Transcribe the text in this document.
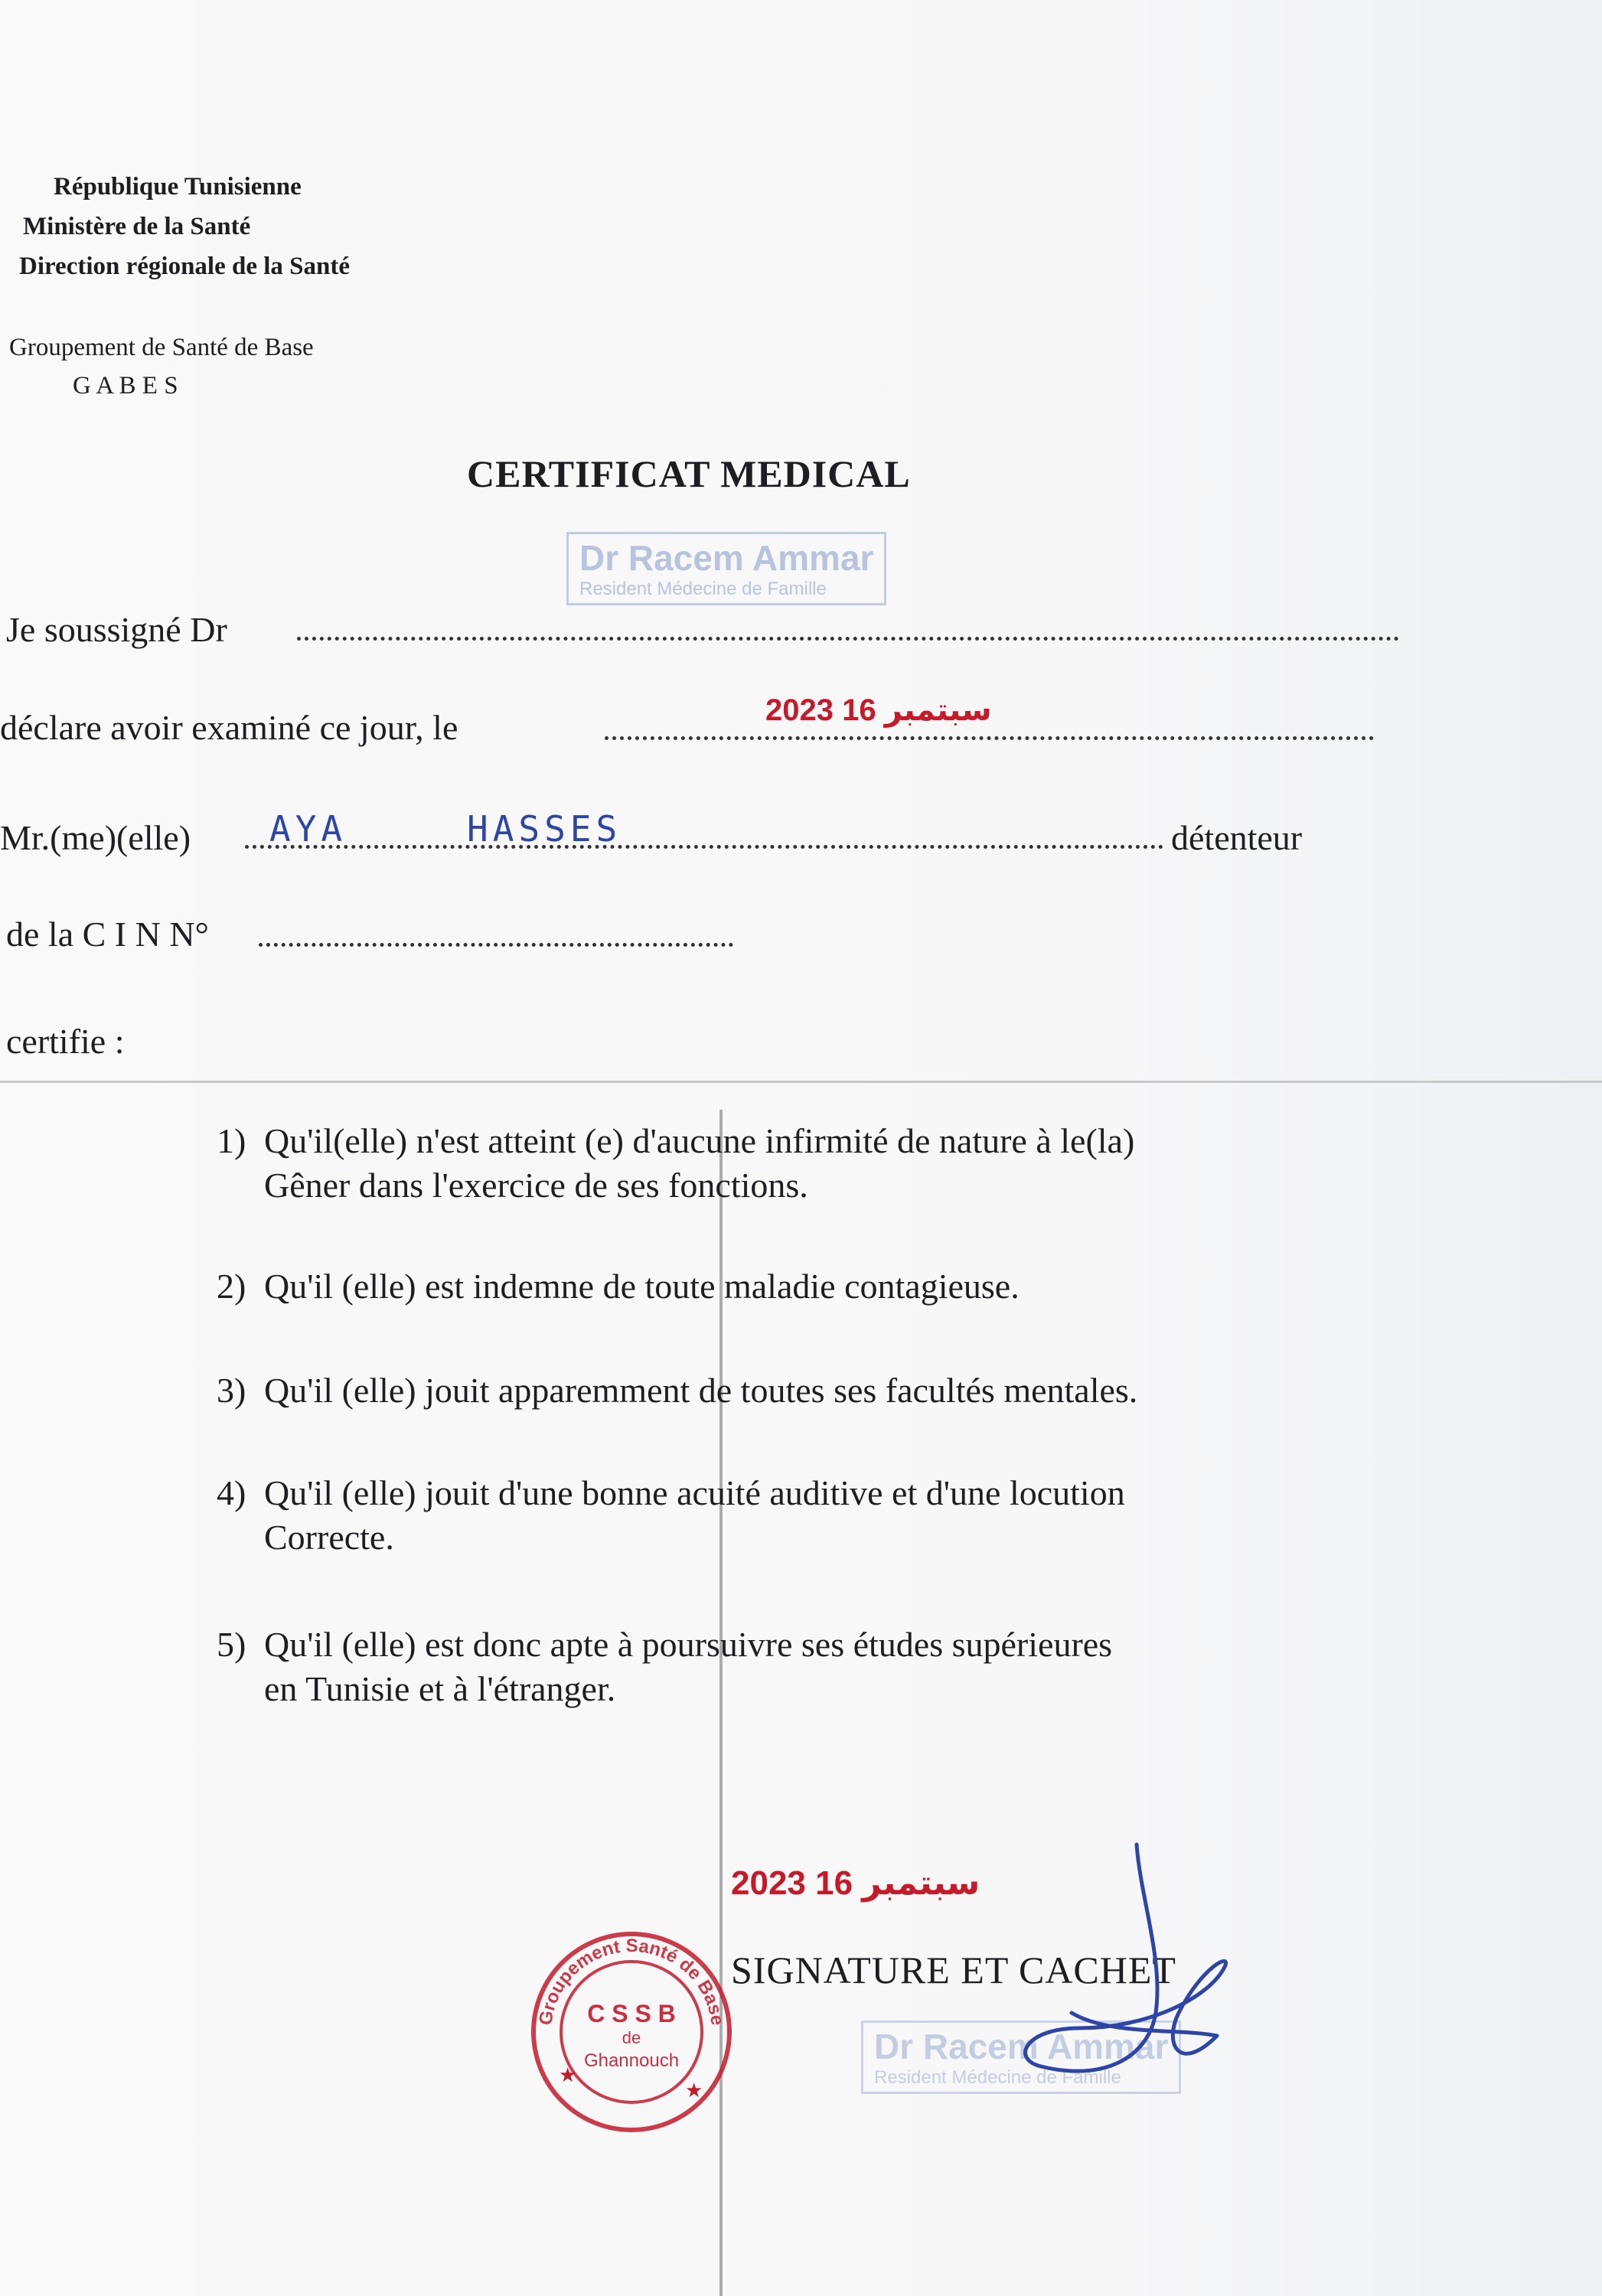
République Tunisienne
Ministère de la Santé
Direction régionale de la Santé
Groupement de Santé de Base
G A B E S
CERTIFICAT MEDICAL
Dr Racem Ammar
Resident Médecine de Famille
Je soussigné Dr
déclare avoir examiné ce jour, le	2023 سبتمبر 16
Mr.(me)(elle) AYA	HASSES	détenteur
de la C I N N°
certifie :
1) Qu'il(elle) n'est atteint (e) d'aucune infirmité de nature à le(la)
Gêner dans l'exercice de ses fonctions.
2) Qu'il (elle) est indemne de toute maladie contagieuse.
3) Qu'il (elle) jouit apparemment de toutes ses facultés mentales.
4) Qu'il (elle) jouit d'une bonne acuité auditive et d'une locution
Correcte.
5) Qu'il (elle) est donc apte à poursuivre ses études supérieures
en Tunisie et à l'étranger.
2023 سبتمبر 16
SIGNATURE ET CACHET
Groupement Santé de Base
C S S B
de
Ghannouch
★
★
Dr Racem Ammar
Resident Médecine de Famille
